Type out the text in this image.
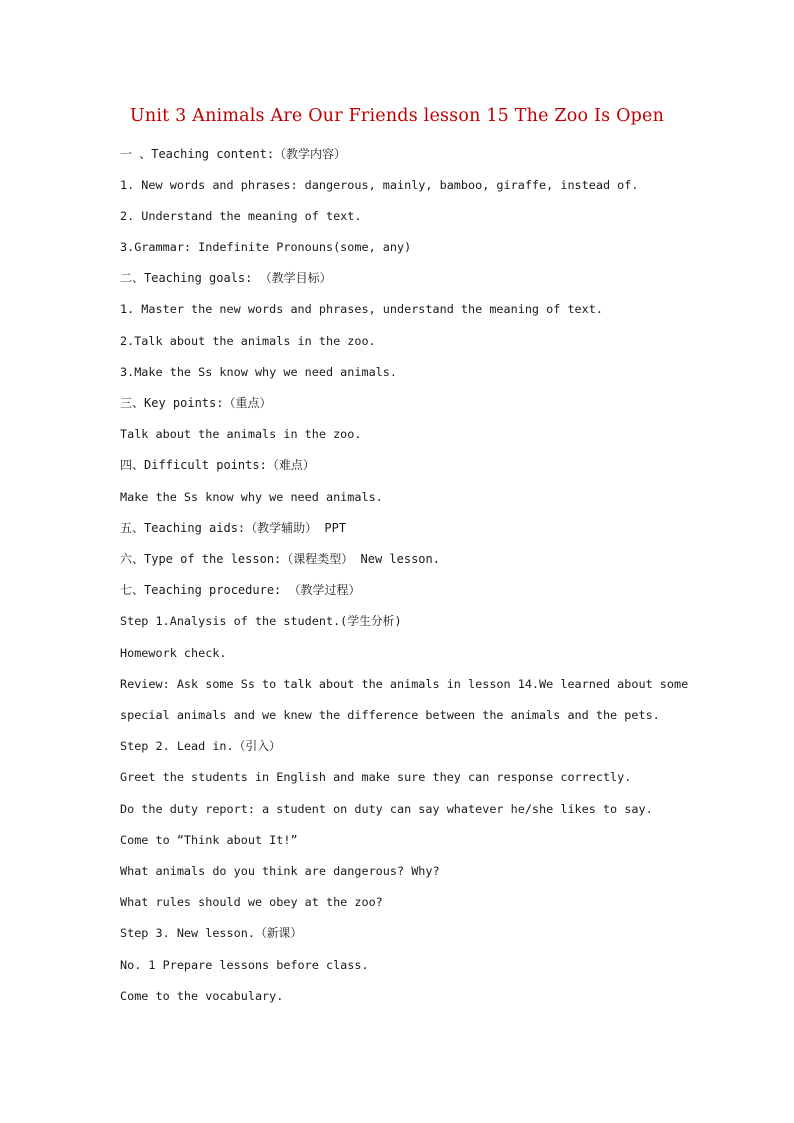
Unit 3 Animals Are Our Friends lesson 15 The Zoo Is Open
一 、Teaching content:（教学内容）
1. New words and phrases: dangerous, mainly, bamboo, giraffe, instead of.
2. Understand the meaning of text.
3.Grammar: Indefinite Pronouns(some, any)
二、Teaching goals: （教学目标）
1. Master the new words and phrases, understand the meaning of text.
2.Talk about the animals in the zoo.
3.Make the Ss know why we need animals.
三、Key points:（重点）
Talk about the animals in the zoo.
四、Difficult points:（难点）
Make the Ss know why we need animals.
五、Teaching aids:（教学辅助） PPT
六、Type of the lesson:（课程类型） New lesson.
七、Teaching procedure: （教学过程）
Step 1.Analysis of the student.(学生分析)
Homework check.
Review: Ask some Ss to talk about the animals in lesson 14.We learned about some
special animals and we knew the difference between the animals and the pets.
Step 2. Lead in.（引入）
Greet the students in English and make sure they can response correctly.
Do the duty report: a student on duty can say whatever he/she likes to say.
Come to “Think about It!”
What animals do you think are dangerous? Why?
What rules should we obey at the zoo?
Step 3. New lesson.（新课）
No. 1 Prepare lessons before class.
Come to the vocabulary.
